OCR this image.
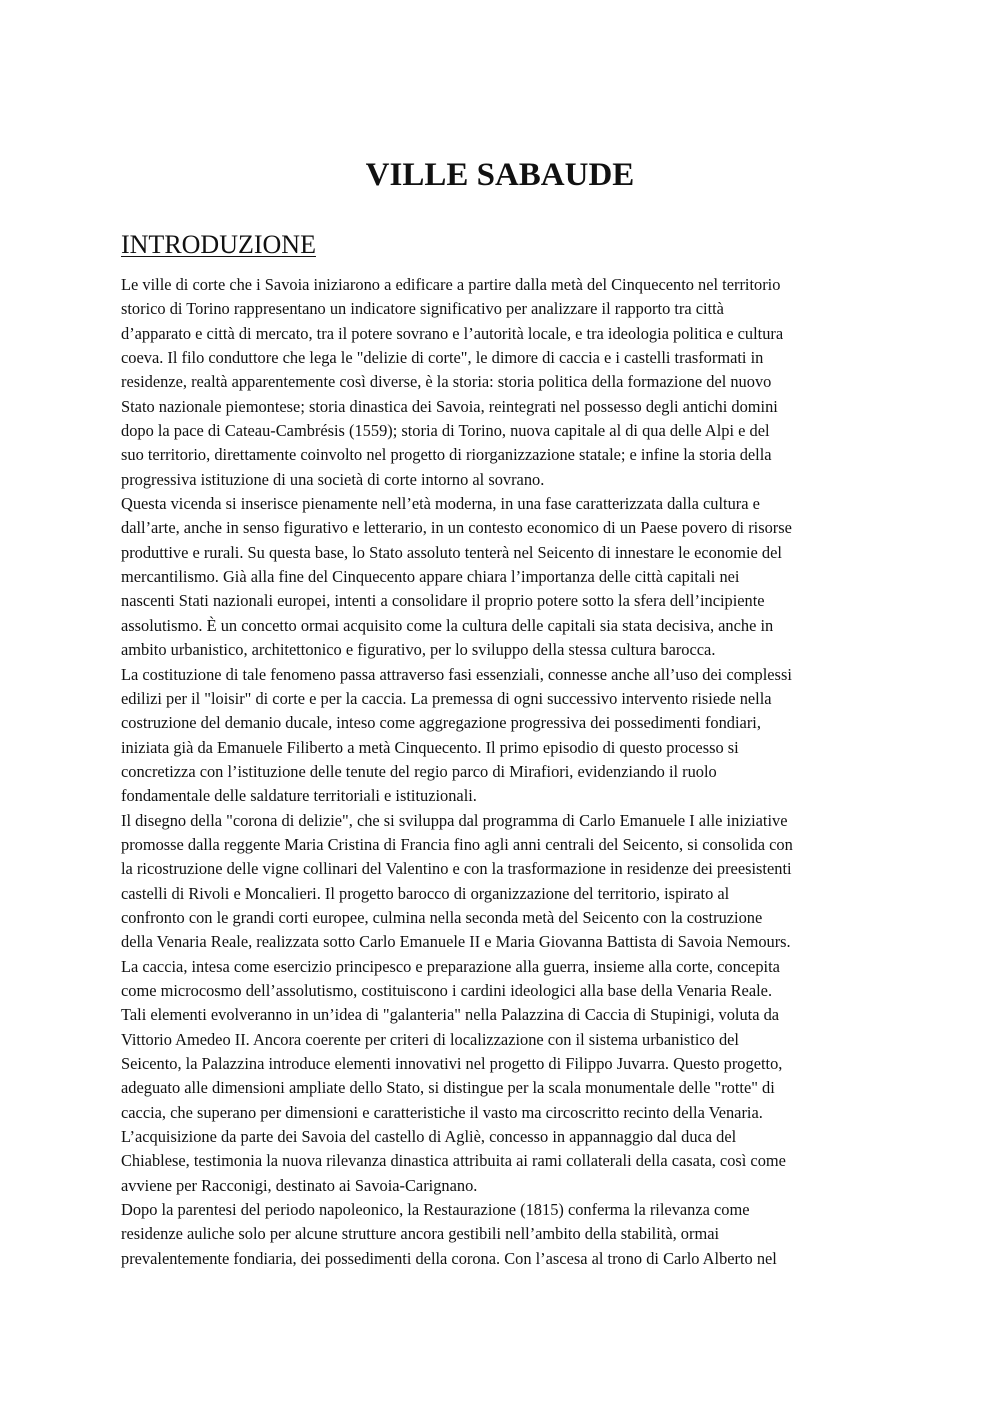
VILLE SABAUDE
INTRODUZIONE
Le ville di corte che i Savoia iniziarono a edificare a partire dalla metà del Cinquecento nel territorio
storico di Torino rappresentano un indicatore significativo per analizzare il rapporto tra città
d’apparato e città di mercato, tra il potere sovrano e l’autorità locale, e tra ideologia politica e cultura
coeva. Il filo conduttore che lega le "delizie di corte", le dimore di caccia e i castelli trasformati in
residenze, realtà apparentemente così diverse, è la storia: storia politica della formazione del nuovo
Stato nazionale piemontese; storia dinastica dei Savoia, reintegrati nel possesso degli antichi domini
dopo la pace di Cateau-Cambrésis (1559); storia di Torino, nuova capitale al di qua delle Alpi e del
suo territorio, direttamente coinvolto nel progetto di riorganizzazione statale; e infine la storia della
progressiva istituzione di una società di corte intorno al sovrano.
Questa vicenda si inserisce pienamente nell’età moderna, in una fase caratterizzata dalla cultura e
dall’arte, anche in senso figurativo e letterario, in un contesto economico di un Paese povero di risorse
produttive e rurali. Su questa base, lo Stato assoluto tenterà nel Seicento di innestare le economie del
mercantilismo. Già alla fine del Cinquecento appare chiara l’importanza delle città capitali nei
nascenti Stati nazionali europei, intenti a consolidare il proprio potere sotto la sfera dell’incipiente
assolutismo. È un concetto ormai acquisito come la cultura delle capitali sia stata decisiva, anche in
ambito urbanistico, architettonico e figurativo, per lo sviluppo della stessa cultura barocca.
La costituzione di tale fenomeno passa attraverso fasi essenziali, connesse anche all’uso dei complessi
edilizi per il "loisir" di corte e per la caccia. La premessa di ogni successivo intervento risiede nella
costruzione del demanio ducale, inteso come aggregazione progressiva dei possedimenti fondiari,
iniziata già da Emanuele Filiberto a metà Cinquecento. Il primo episodio di questo processo si
concretizza con l’istituzione delle tenute del regio parco di Mirafiori, evidenziando il ruolo
fondamentale delle saldature territoriali e istituzionali.
Il disegno della "corona di delizie", che si sviluppa dal programma di Carlo Emanuele I alle iniziative
promosse dalla reggente Maria Cristina di Francia fino agli anni centrali del Seicento, si consolida con
la ricostruzione delle vigne collinari del Valentino e con la trasformazione in residenze dei preesistenti
castelli di Rivoli e Moncalieri. Il progetto barocco di organizzazione del territorio, ispirato al
confronto con le grandi corti europee, culmina nella seconda metà del Seicento con la costruzione
della Venaria Reale, realizzata sotto Carlo Emanuele II e Maria Giovanna Battista di Savoia Nemours.
La caccia, intesa come esercizio principesco e preparazione alla guerra, insieme alla corte, concepita
come microcosmo dell’assolutismo, costituiscono i cardini ideologici alla base della Venaria Reale.
Tali elementi evolveranno in un’idea di "galanteria" nella Palazzina di Caccia di Stupinigi, voluta da
Vittorio Amedeo II. Ancora coerente per criteri di localizzazione con il sistema urbanistico del
Seicento, la Palazzina introduce elementi innovativi nel progetto di Filippo Juvarra. Questo progetto,
adeguato alle dimensioni ampliate dello Stato, si distingue per la scala monumentale delle "rotte" di
caccia, che superano per dimensioni e caratteristiche il vasto ma circoscritto recinto della Venaria.
L’acquisizione da parte dei Savoia del castello di Agliè, concesso in appannaggio dal duca del
Chiablese, testimonia la nuova rilevanza dinastica attribuita ai rami collaterali della casata, così come
avviene per Racconigi, destinato ai Savoia-Carignano.
Dopo la parentesi del periodo napoleonico, la Restaurazione (1815) conferma la rilevanza come
residenze auliche solo per alcune strutture ancora gestibili nell’ambito della stabilità, ormai
prevalentemente fondiaria, dei possedimenti della corona. Con l’ascesa al trono di Carlo Alberto nel
